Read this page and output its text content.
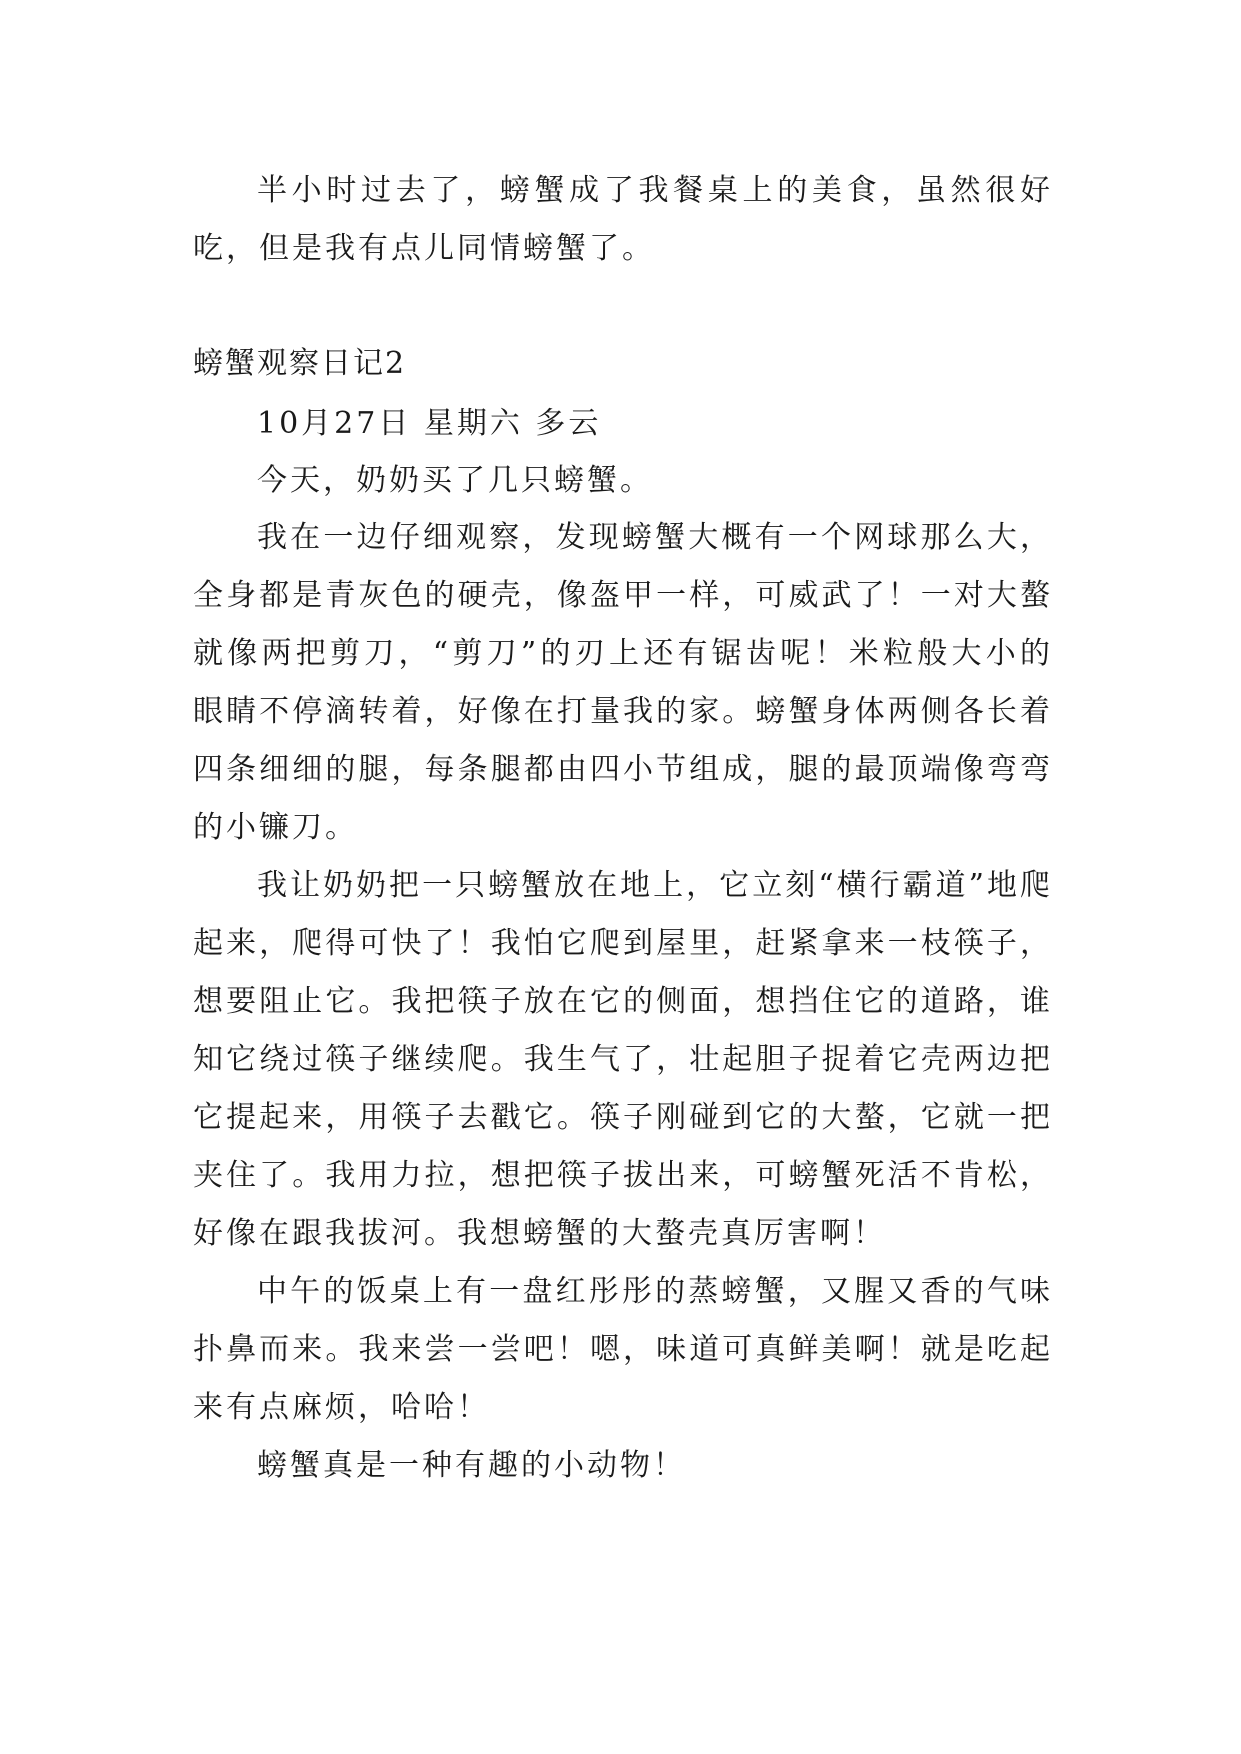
半小时过去了，螃蟹成了我餐桌上的美食，虽然很好吃，但是我有点儿同情螃蟹了。

螃蟹观察日记2

10月27日 星期六 多云

今天，奶奶买了几只螃蟹。

我在一边仔细观察，发现螃蟹大概有一个网球那么大，全身都是青灰色的硬壳，像盔甲一样，可威武了！一对大螯就像两把剪刀，“剪刀”的刃上还有锯齿呢！米粒般大小的眼睛不停滴转着，好像在打量我的家。螃蟹身体两侧各长着四条细细的腿，每条腿都由四小节组成，腿的最顶端像弯弯的小镰刀。

我让奶奶把一只螃蟹放在地上，它立刻“横行霸道”地爬起来，爬得可快了！我怕它爬到屋里，赶紧拿来一枝筷子，想要阻止它。我把筷子放在它的侧面，想挡住它的道路，谁知它绕过筷子继续爬。我生气了，壮起胆子捉着它壳两边把它提起来，用筷子去戳它。筷子刚碰到它的大螯，它就一把夹住了。我用力拉，想把筷子拔出来，可螃蟹死活不肯松，好像在跟我拔河。我想螃蟹的大螯壳真厉害啊！

中午的饭桌上有一盘红彤彤的蒸螃蟹，又腥又香的气味扑鼻而来。我来尝一尝吧！嗯，味道可真鲜美啊！就是吃起来有点麻烦，哈哈！

螃蟹真是一种有趣的小动物！
